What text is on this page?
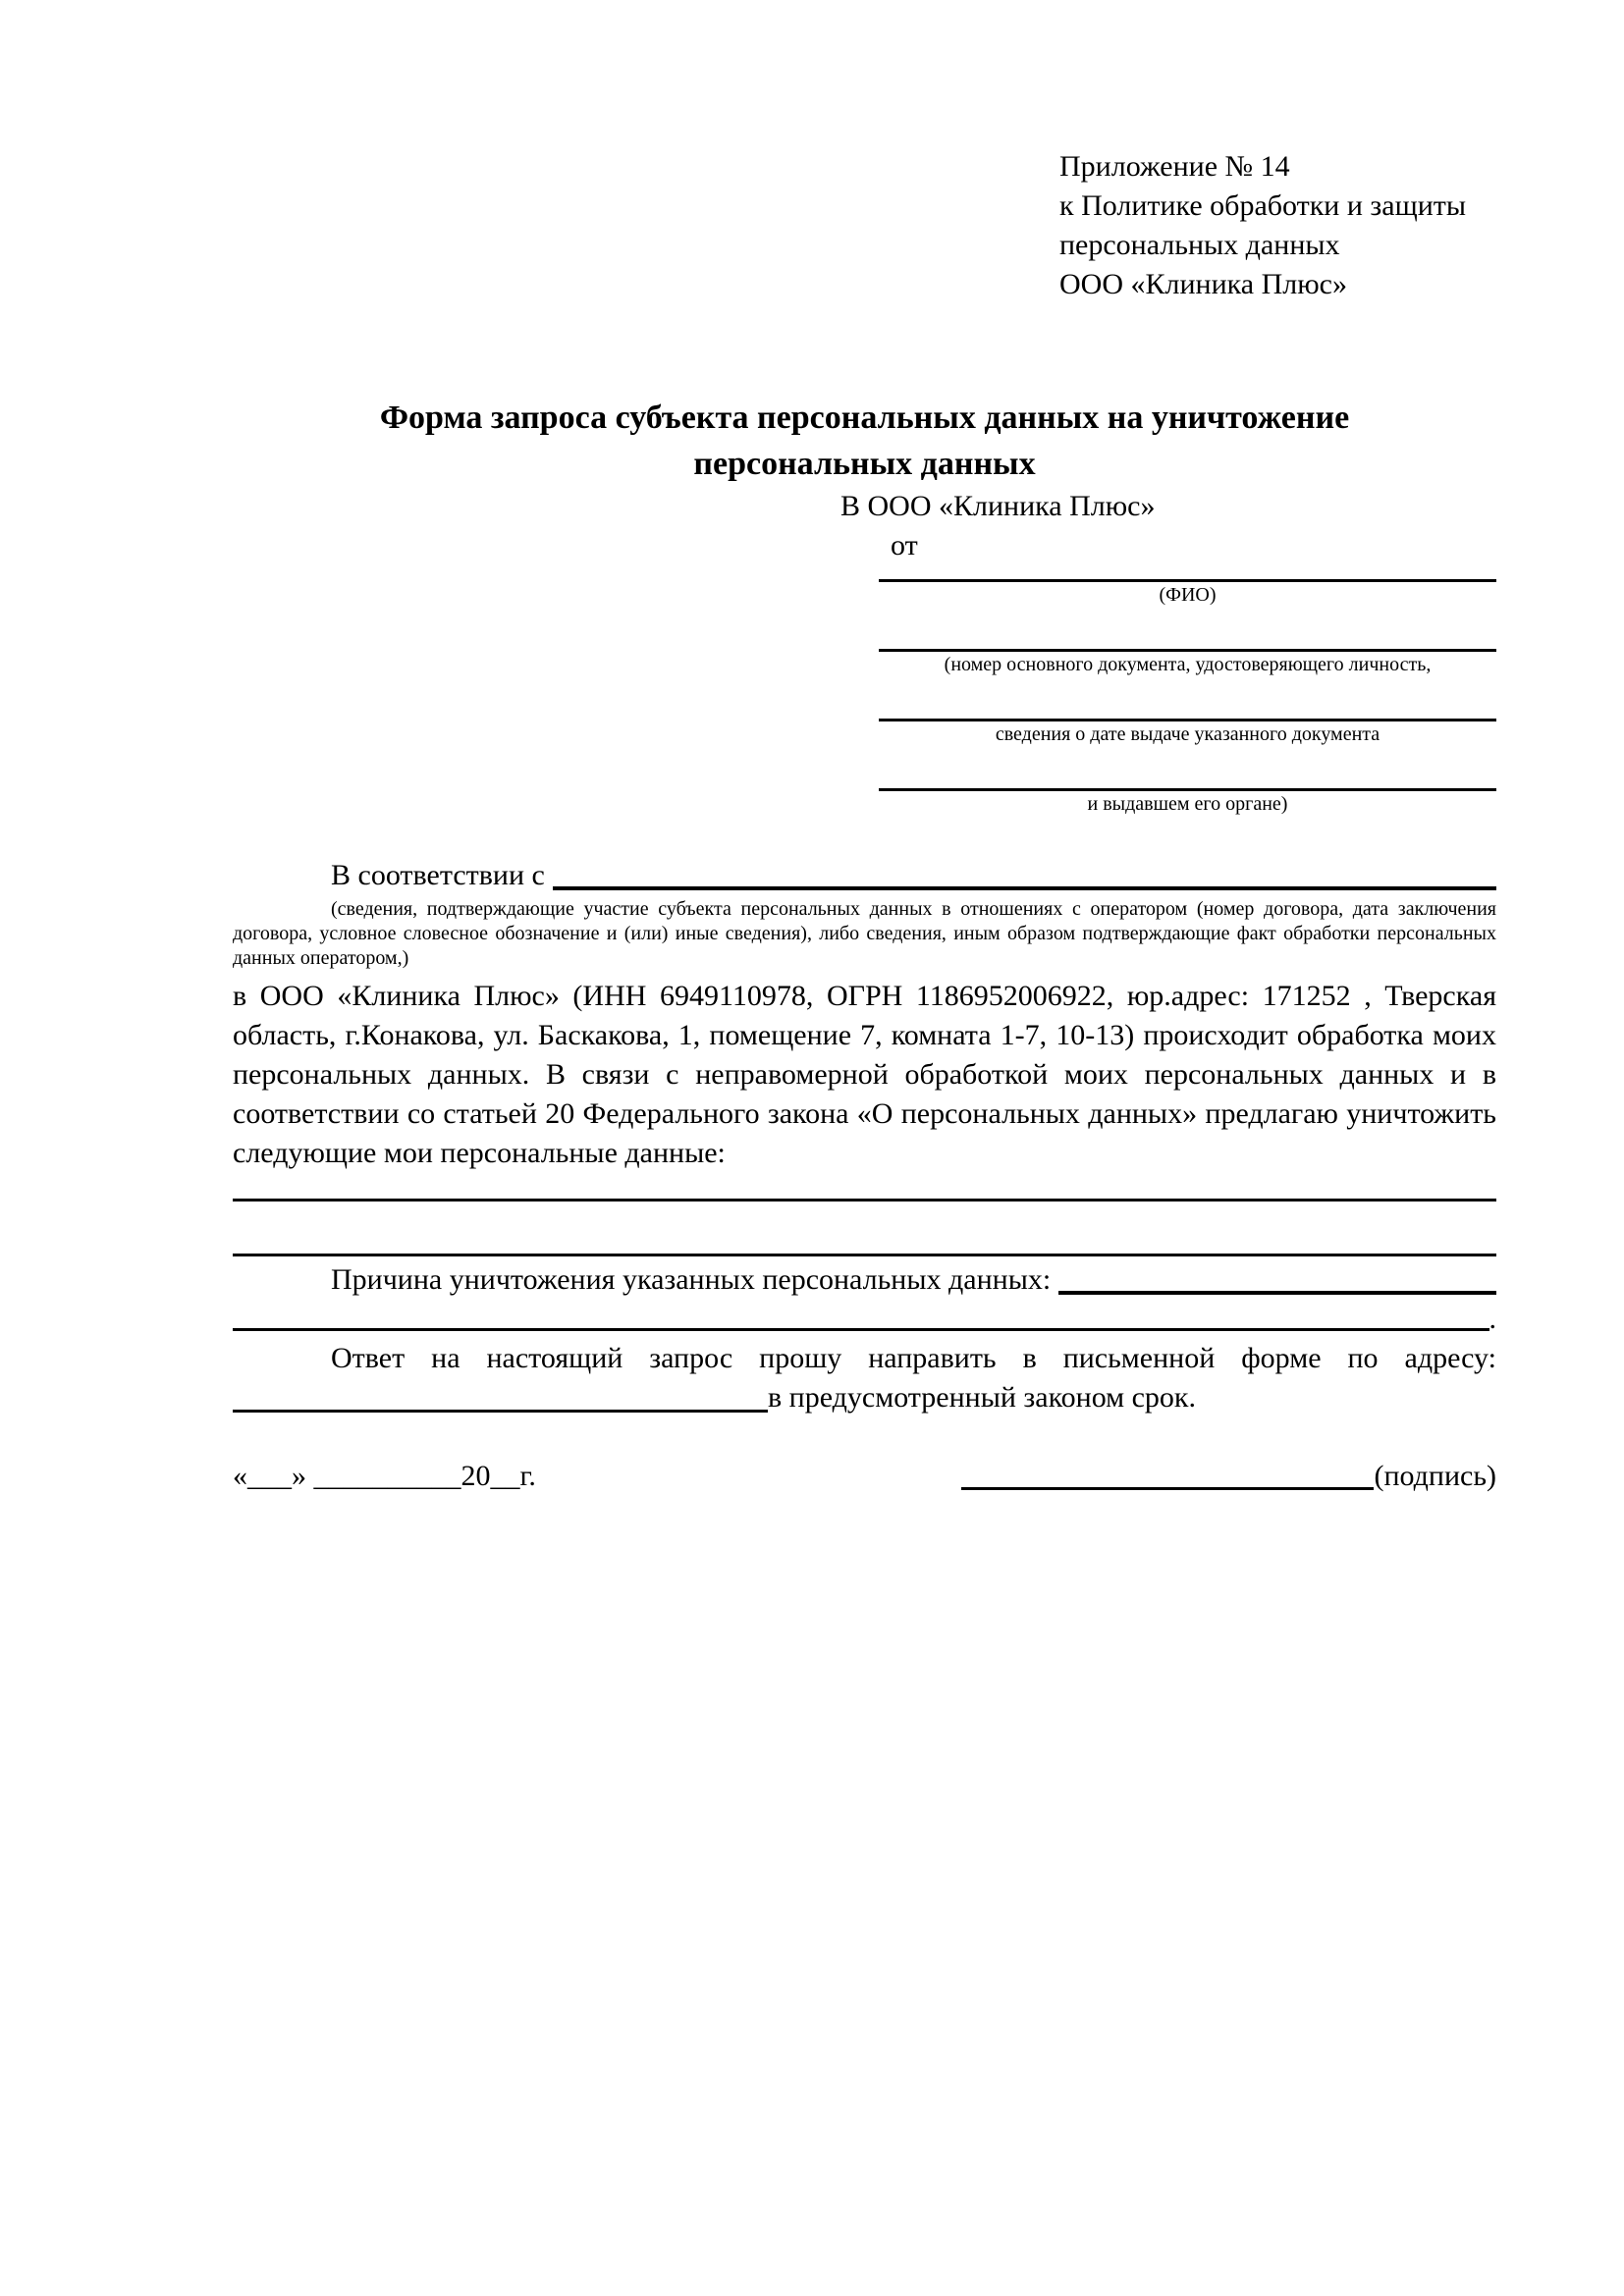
Приложение № 14
к Политике обработки и защиты
персональных данных
ООО «Клиника Плюс»
Форма запроса субъекта персональных данных на уничтожение
персональных данных
В ООО «Клиника Плюс»
от
(ФИО)
(номер основного документа, удостоверяющего личность,
сведения о дате выдаче указанного документа
и выдавшем его органе)
В соответствии с
(сведения, подтверждающие участие субъекта персональных данных в отношениях с оператором (номер договора, дата заключения договора, условное словесное обозначение и (или) иные сведения), либо сведения, иным образом подтверждающие факт обработки персональных данных оператором,)
в ООО «Клиника Плюс» (ИНН 6949110978, ОГРН 1186952006922, юр.адрес: 171252 , Тверская область, г.Конакова, ул. Баскакова, 1, помещение 7, комната 1-7, 10-13) происходит обработка моих персональных данных. В связи с неправомерной обработкой моих персональных данных и в соответствии со статьей 20 Федерального закона «О персональных данных» предлагаю уничтожить следующие мои персональные данные:
Причина уничтожения указанных персональных данных:
.
Ответ на настоящий запрос прошу направить в письменной форме по адресу:
в предусмотренный законом срок.
«___» __________20__г.	(подпись)
